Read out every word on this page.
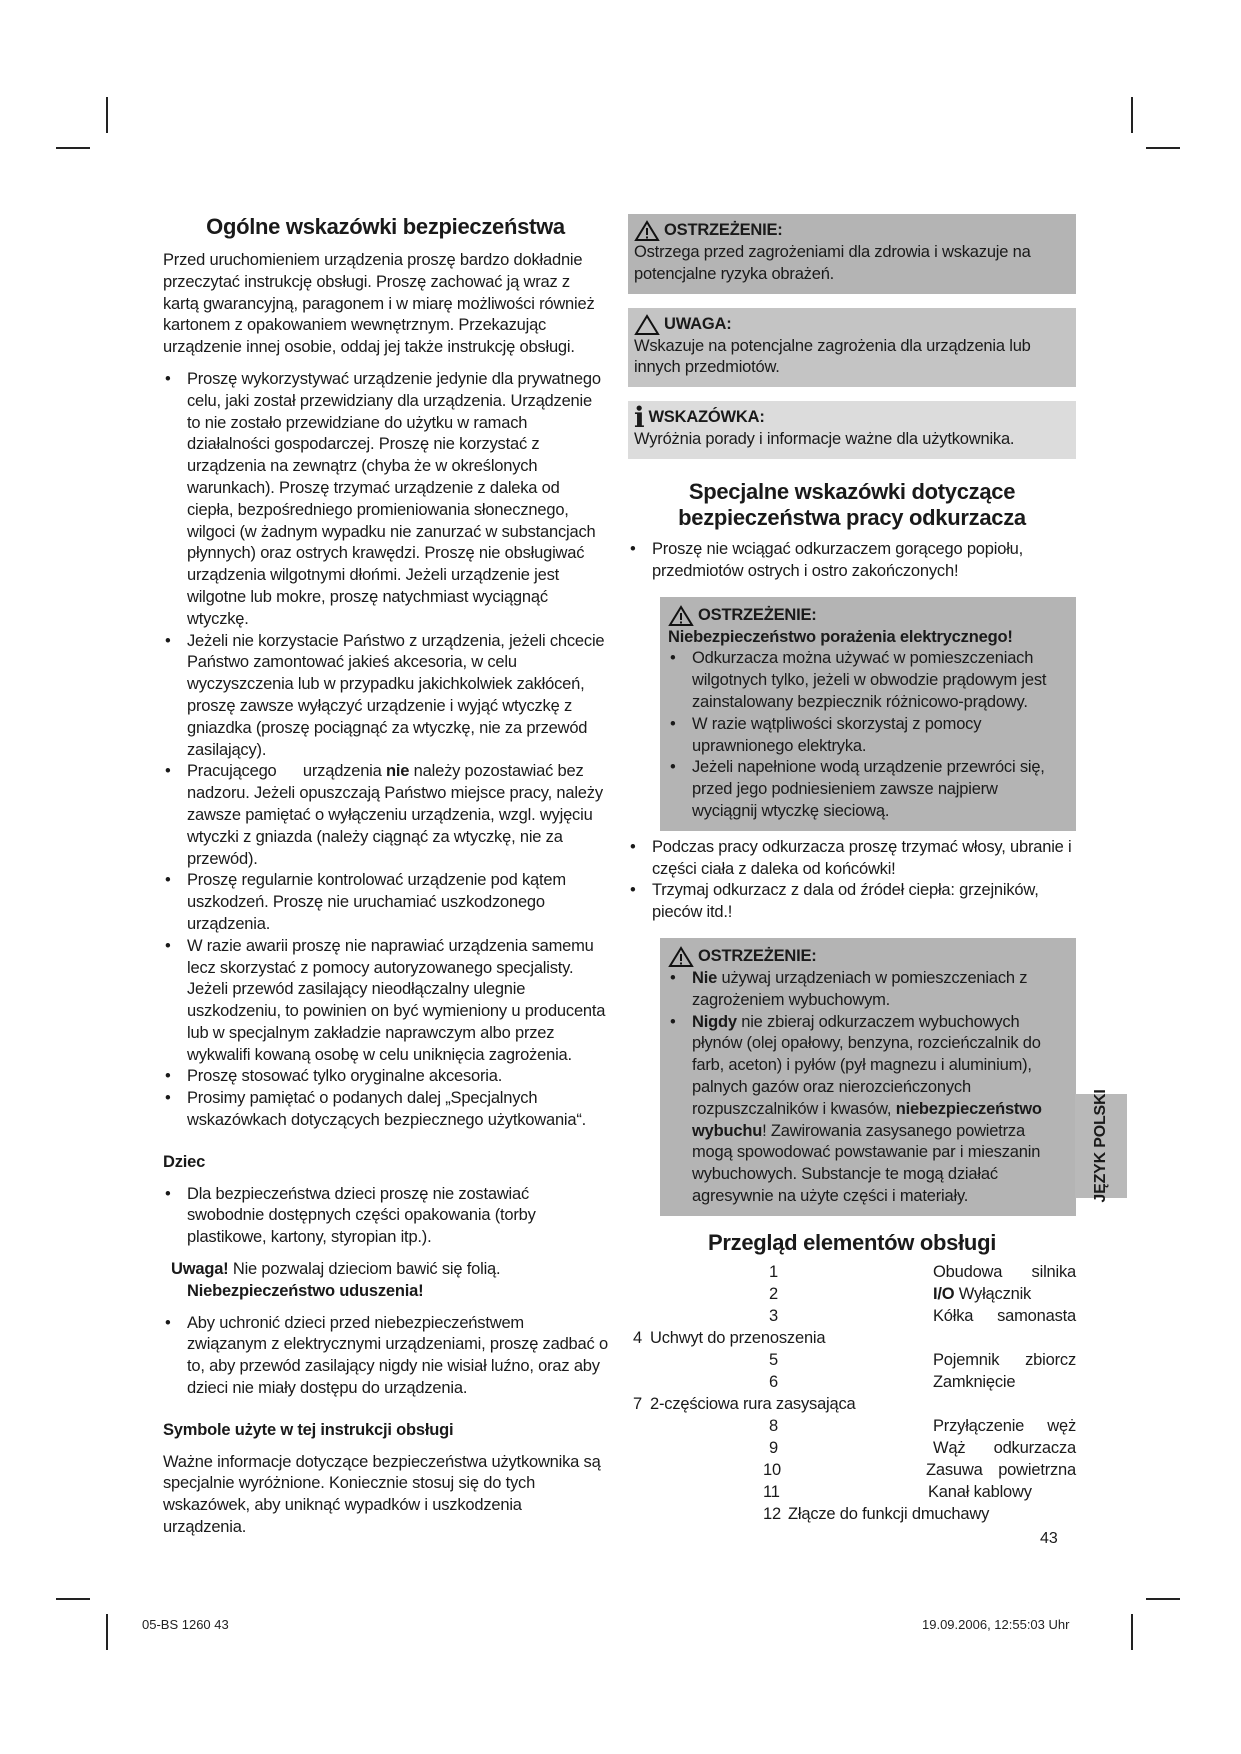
Ogólne wskazówki bezpieczeństwa

Przed uruchomieniem urządzenia proszę bardzo dokładnie przeczytać instrukcję obsługi. Proszę zachować ją wraz z kartą gwarancyjną, paragonem i w miarę możliwości również kartonem z opakowaniem wewnętrznym. Przekazując urządzenie innej osobie, oddaj jej także instrukcję obsługi.

• Proszę wykorzystywać urządzenie jedynie dla prywatnego celu, jaki został przewidziany dla urządzenia. Urządzenie to nie zostało przewidziane do użytku w ramach działalności gospodarczej. Proszę nie korzystać z urządzenia na zewnątrz (chyba że w określonych warunkach). Proszę trzymać urządzenie z daleka od ciepła, bezpośredniego promieniowania słonecznego, wilgoci (w żadnym wypadku nie zanurzać w substancjach płynnych) oraz ostrych krawędzi. Proszę nie obsługiwać urządzenia wilgotnymi dłońmi. Jeżeli urządzenie jest wilgotne lub mokre, proszę natychmiast wyciągnąć wtyczkę.
• Jeżeli nie korzystacie Państwo z urządzenia, jeżeli chcecie Państwo zamontować jakieś akcesoria, w celu wyczyszczenia lub w przypadku jakichkolwiek zakłóceń, proszę zawsze wyłączyć urządzenie i wyjąć wtyczkę z gniazdka (proszę pociągnąć za wtyczkę, nie za przewód zasilający).
• Pracującego urządzenia nie należy pozostawiać bez nadzoru. Jeżeli opuszczają Państwo miejsce pracy, należy zawsze pamiętać o wyłączeniu urządzenia, wzgl. wyjęciu wtyczki z gniazda (należy ciągnąć za wtyczkę, nie za przewód).
• Proszę regularnie kontrolować urządzenie pod kątem uszkodzeń. Proszę nie uruchamiać uszkodzonego urządzenia.
• W razie awarii proszę nie naprawiać urządzenia samemu lecz skorzystać z pomocy autoryzowanego specjalisty. Jeżeli przewód zasilający nieodłączalny ulegnie uszkodzeniu, to powinien on być wymieniony u producenta lub w specjalnym zakładzie naprawczym albo przez wykwalifi kowaną osobę w celu uniknięcia zagrożenia.
• Proszę stosować tylko oryginalne akcesoria.
• Prosimy pamiętać o podanych dalej „Specjalnych wskazówkach dotyczących bezpiecznego użytkowania“.
Dziec
• Dla bezpieczeństwa dzieci proszę nie zostawiać swobodnie dostępnych części opakowania (torby plastikowe, kartony, styropian itp.).

Uwaga! Nie pozwalaj dzieciom bawić się folią.
Niebezpieczeństwo uduszenia!

• Aby uchronić dzieci przed niebezpieczeństwem związanym z elektrycznymi urządzeniami, proszę zadbać o to, aby przewód zasilający nigdy nie wisiał luźno, oraz aby dzieci nie miały dostępu do urządzenia.
Symbole użyte w tej instrukcji obsługi

Ważne informacje dotyczące bezpieczeństwa użytkownika są specjalnie wyróżnione. Koniecznie stosuj się do tych wskazówek, aby uniknąć wypadków i uszkodzenia urządzenia.

OSTRZEŻENIE:

Ostrzega przed zagrożeniami dla zdrowia i wskazuje na potencjalne ryzyka obrażeń.

UWAGA:

Wskazuje na potencjalne zagrożenia dla urządzenia lub innych przedmiotów.

i WSKAZÓWKA:

Wyróżnia porady i informacje ważne dla użytkownika.

Specjalne wskazówki dotyczące
bezpieczeństwa pracy odkurzacza
• Proszę nie wciągać odkurzaczem gorącego popiołu, przedmiotów ostrych i ostro zakończonych!
OSTRZEŻENIE:

Niebezpieczeństwo porażenia elektrycznego!

• Odkurzacza można używać w pomieszczeniach wilgotnych tylko, jeżeli w obwodzie prądowym jest zainstalowany bezpiecznik różnicowo-prądowy.
• W razie wątpliwości skorzystaj z pomocy uprawnionego elektryka.
• Jeżeli napełnione wodą urządzenie przewróci się, przed jego podniesieniem zawsze najpierw wyciągnij wtyczkę sieciową.
• Podczas pracy odkurzacza proszę trzymać włosy, ubranie i części ciała z daleka od końcówki!
• Trzymaj odkurzacz z dala od źródeł ciepła: grzejników, pieców itd.!
OSTRZEŻENIE:
• Nie używaj urządzeniach w pomieszczeniach z zagrożeniem wybuchowym.
• Nigdy nie zbieraj odkurzaczem wybuchowych płynów (olej opałowy, benzyna, rozcieńczalnik do farb, aceton) i pyłów (pył magnezu i aluminium), palnych gazów oraz nierozcieńczonych rozpuszczalników i kwasów, niebezpieczeństwo wybuchu! Zawirowania zasysanego powietrza mogą spowodować powstawanie par i mieszanin wybuchowych. Substancje te mogą działać agresywnie na użyte części i materiały.
Przegląd elementów obsługi
1	Obudowa silnika
2	I/O Wyłącznik
3	Kółka samonasta
4 Uchwyt do przenoszenia
5	Pojemnik zbiorcz
6	Zamknięcie
7 2-częściowa rura zasysająca
8	Przyłączenie węż
9	Wąż odkurzacza
10	Zasuwa powietrzna
11	Kanał kablowy
12 Złącze do funkcji dmuchawy
JĘZYK POLSKI
43
05-BS 1260 43	19.09.2006, 12:55:03 Uhr
